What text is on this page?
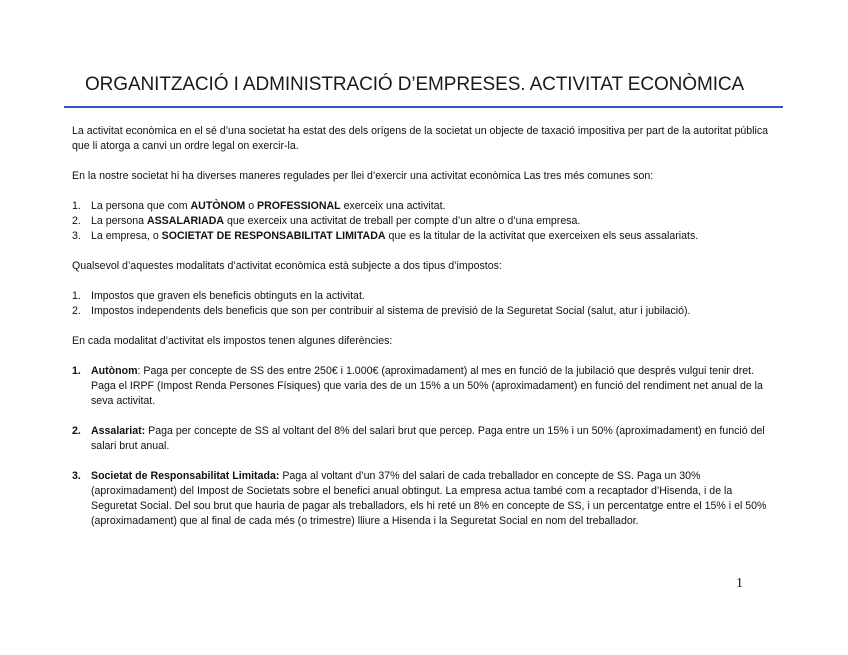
ORGANITZACIÓ I ADMINISTRACIÓ D’EMPRESES. ACTIVITAT ECONÒMICA

La activitat econòmica en el sé d’una societat ha estat des dels orígens de la societat un objecte de taxació impositiva per part de la autoritat pública que li atorga a canvi un ordre legal on exercir-la.

En la nostre societat hi ha diverses maneres regulades per llei d’exercir una activitat econòmica Las tres més comunes son:

1. La persona que com AUTÒNOM o PROFESSIONAL exerceix una activitat.
2. La persona ASSALARIADA que exerceix una activitat de treball per compte d’un altre o d’una empresa.
3. La empresa, o SOCIETAT DE RESPONSABILITAT LIMITADA que es la titular de la activitat que exerceixen els seus assalariats.

Qualsevol d’aquestes modalitats d’activitat econòmica està subjecte a dos tipus d’impostos:

1. Impostos que graven els beneficis obtinguts en la activitat.
2. Impostos independents dels beneficis que son per contribuir al sistema de previsió de la Seguretat Social (salut, atur i jubilació).

En cada modalitat d’activitat els impostos tenen algunes diferències:

1. Autònom: Paga per concepte de SS des entre 250€ i 1.000€ (aproximadament) al mes en funció de la jubilació que després vulgui tenir dret. Paga el IRPF (Impost Renda Persones Físiques) que varia des de un 15% a un 50% (aproximadament) en funció del rendiment net anual de la seva activitat.
2. Assalariat: Paga per concepte de SS al voltant del 8% del salari brut que percep. Paga entre un 15% i un 50% (aproximadament) en funció del salari brut anual.
3. Societat de Responsabilitat Limitada: Paga al voltant d’un 37% del salari de cada treballador en concepte de SS. Paga un 30% (aproximadament) del Impost de Societats sobre el benefici anual obtingut. La empresa actua també com a recaptador d’Hisenda, i de la Seguretat Social. Del sou brut que hauria de pagar als treballadors, els hi reté un 8% en concepte de SS, i un percentatge entre el 15% i el 50% (aproximadament) que al final de cada més (o trimestre) lliure a Hisenda i la Seguretat Social en nom del treballador.
1
